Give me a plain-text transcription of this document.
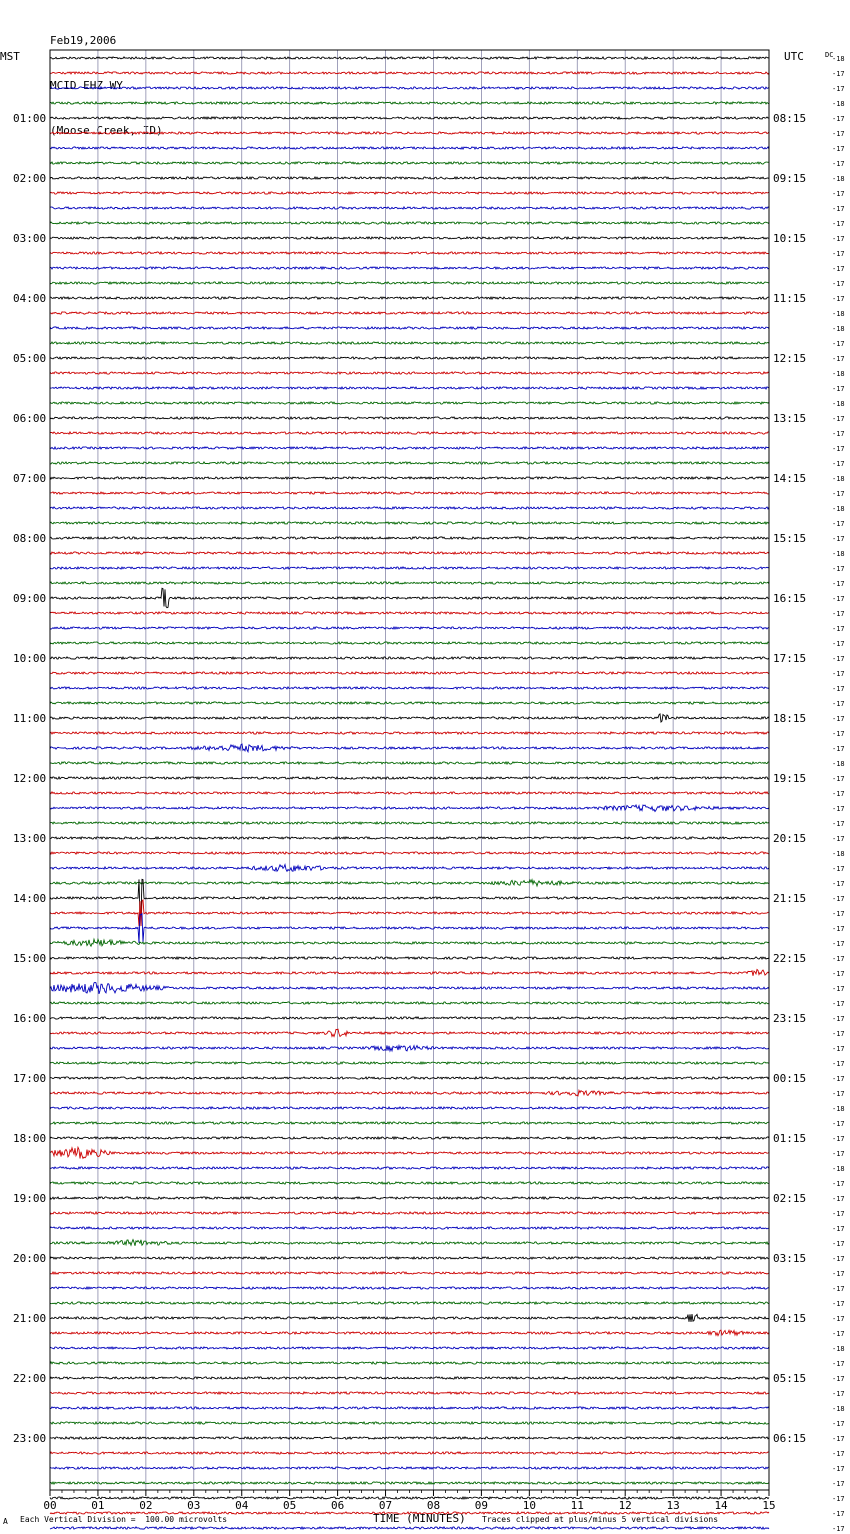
Feb19,2006

MCID EHZ WY

(Moose Creek, ID)

00	01	02	03	04	05	06	07	08	09	10	11	12	13	14	15
01:00
02:00
03:00
04:00
05:00
06:00
07:00
08:00
09:00
10:00
11:00
12:00
13:00
14:00
15:00
16:00
17:00
18:00
19:00
20:00
21:00
22:00
23:00
08:15
09:15
10:15
11:15
12:15
13:15
14:15
15:15
16:15
17:15
18:15
19:15
20:15
21:15
22:15
23:15
00:15
01:15
02:15
03:15
04:15
05:15
06:15
-18
-17
-17
-18
-17
-17
-17
-17
-18
-17
-17
-17
-17
-17
-17
-17
-17
-18
-18
-17
-17
-18
-17
-18
-17
-17
-17
-17
-18
-17
-18
-17
-17
-18
-17
-17
-17
-17
-17
-17
-17
-17
-17
-17
-17
-17
-17
-18
-17
-17
-17
-17
-17
-18
-17
-17
-17
-17
-17
-17
-17
-17
-17
-17
-17
-17
-17
-17
-17
-17
-18
-17
-17
-17
-18
-17
-17
-17
-17
-17
-17
-17
-17
-17
-17
-17
-18
-17
-17
-17
-18
-17
-17
-17
-17
-17
-17
-17
-17
MST	UTC	DC
A Each Vertical Division =  100.00 microvolts	TIME (MINUTES) Traces clipped at plus/minus 5 vertical divisions
